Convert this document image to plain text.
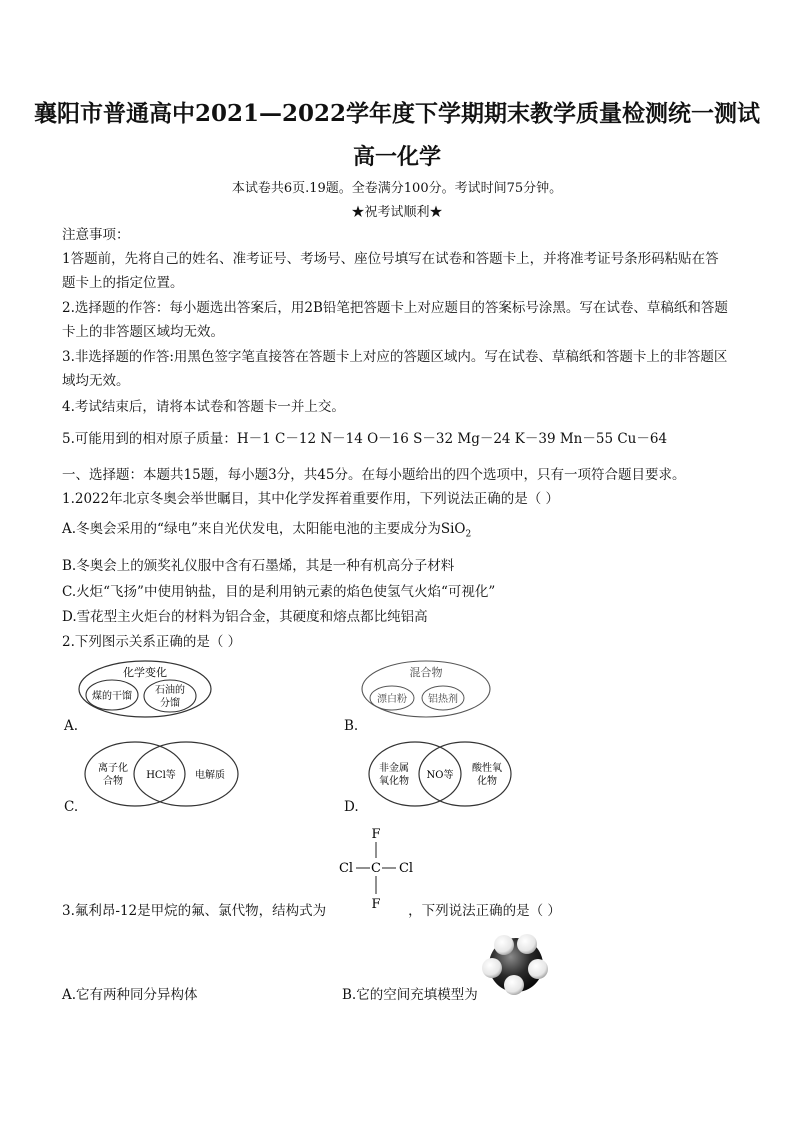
襄阳市普通高中2021—2022学年度下学期期末教学质量检测统一测试
高一化学
本试卷共6页.19题。全卷满分100分。考试时间75分钟。
★祝考试顺利★
注意事项：
1答题前，先将自己的姓名、准考证号、考场号、座位号填写在试卷和答题卡上，并将准考证号条形码粘贴在答题卡上的指定位置。
2.选择题的作答：每小题选出答案后，用2B铅笔把答题卡上对应题目的答案标号涂黑。写在试卷、草稿纸和答题卡上的非答题区域均无效。
3.非选择题的作答:用黑色签字笔直接答在答题卡上对应的答题区域内。写在试卷、草稿纸和答题卡上的非答题区域均无效。
4.考试结束后，请将本试卷和答题卡一并上交。
5.可能用到的相对原子质量：H－1 C－12 N－14 O－16 S－32 Mg－24 K－39 Mn－55 Cu－64
一、选择题：本题共15题，每小题3分，共45分。在每小题给出的四个选项中，只有一项符合题目要求。
1.2022年北京冬奥会举世瞩目，其中化学发挥着重要作用，下列说法正确的是（ ）
A.冬奥会采用的“绿电”来自光伏发电，太阳能电池的主要成分为SiO$_2$
B.冬奥会上的颁奖礼仪服中含有石墨烯，其是一种有机高分子材料
C.火炬“飞扬”中使用钠盐，目的是利用钠元素的焰色使氢气火焰“可视化”
D.雪花型主火炬台的材料为铝合金，其硬度和熔点都比纯铝高
2.下列图示关系正确的是（ ）
化学变化
煤的干馏
石油的
分馏
A.
混合物
漂白粉 铝热剂
B.
离子化
合物
HCl等 电解质
C.
非金属
氧化物
NO等
酸性氧
化物
D.
F
Cl C Cl
F
3.氟利昂-12是甲烷的氟、氯代物，结构式为	，下列说法正确的是（ ）
A.它有两种同分异构体	B.它的空间充填模型为
